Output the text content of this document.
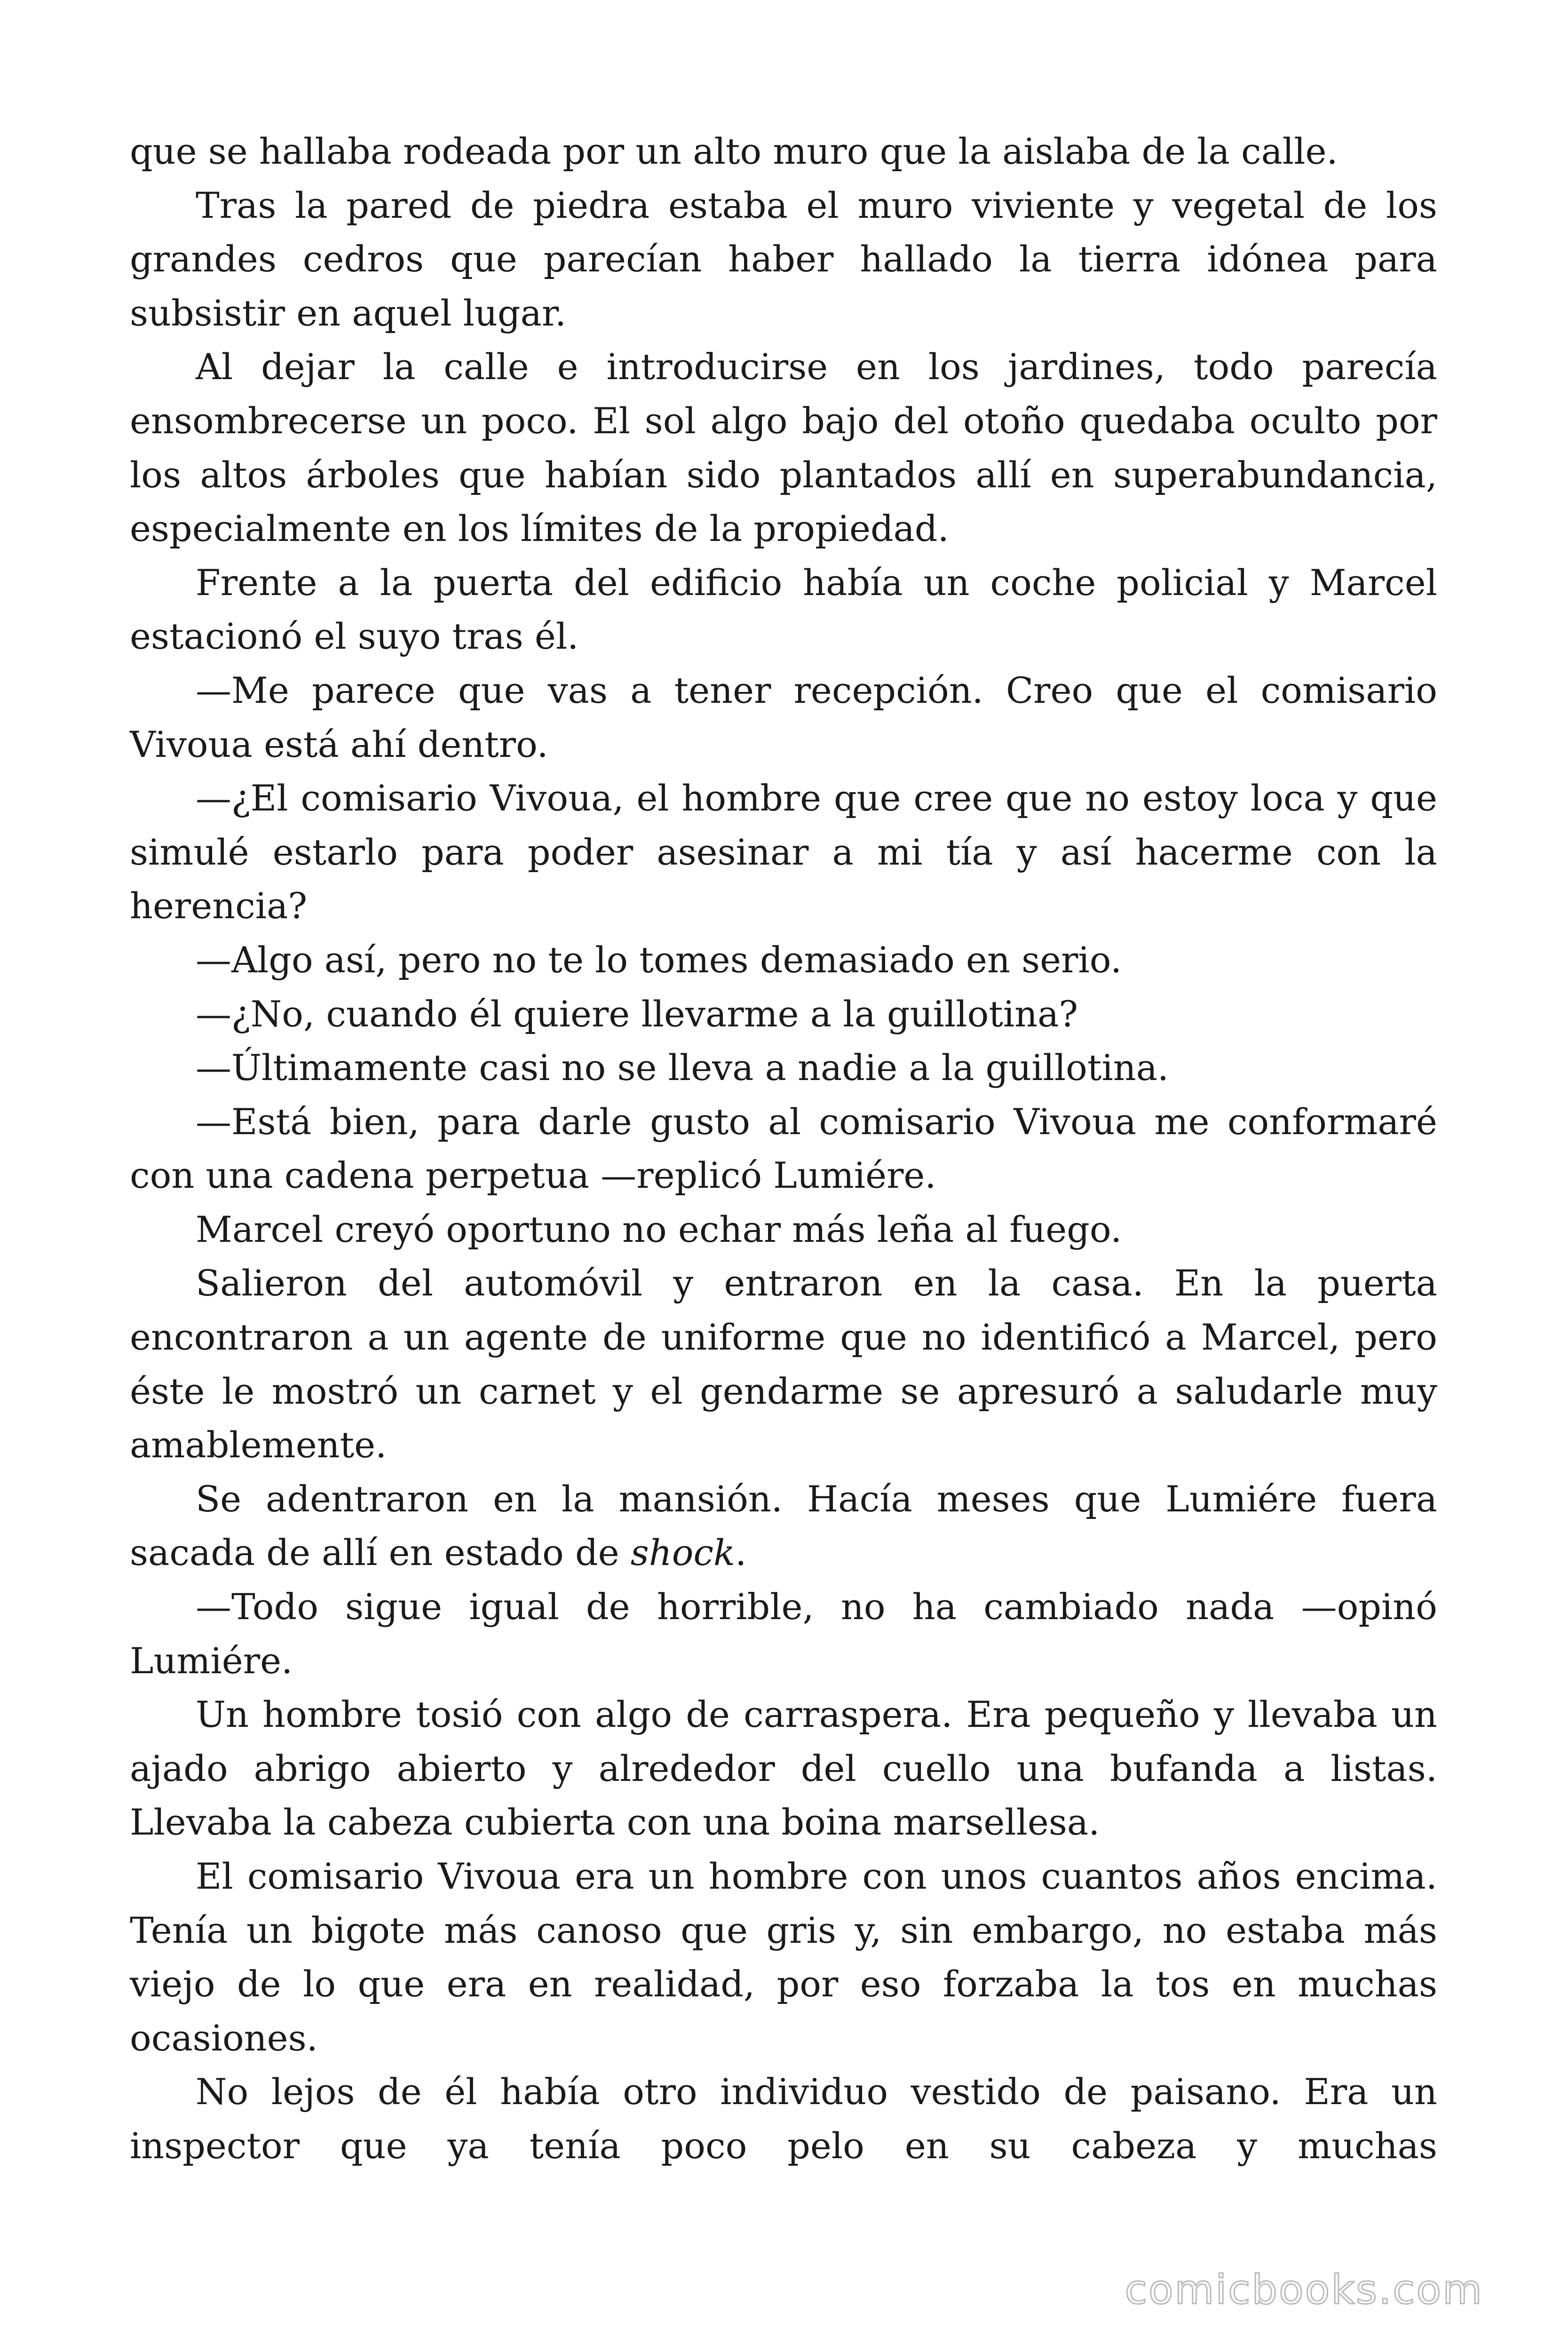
que se hallaba rodeada por un alto muro que la aislaba de la calle.

Tras la pared de piedra estaba el muro viviente y vegetal de los grandes cedros que parecían haber hallado la tierra idónea para subsistir en aquel lugar.

Al dejar la calle e introducirse en los jardines, todo parecía ensombrecerse un poco. El sol algo bajo del otoño quedaba oculto por los altos árboles que habían sido plantados allí en superabundancia, especialmente en los límites de la propiedad.

Frente a la puerta del edificio había un coche policial y Marcel estacionó el suyo tras él.

—Me parece que vas a tener recepción. Creo que el comisario Vivoua está ahí dentro.

—¿El comisario Vivoua, el hombre que cree que no estoy loca y que simulé estarlo para poder asesinar a mi tía y así hacerme con la herencia?

—Algo así, pero no te lo tomes demasiado en serio.

—¿No, cuando él quiere llevarme a la guillotina?

—Últimamente casi no se lleva a nadie a la guillotina.

—Está bien, para darle gusto al comisario Vivoua me conformaré con una cadena perpetua —replicó Lumiére.

Marcel creyó oportuno no echar más leña al fuego.

Salieron del automóvil y entraron en la casa. En la puerta encontraron a un agente de uniforme que no identificó a Marcel, pero éste le mostró un carnet y el gendarme se apresuró a saludarle muy amablemente.

Se adentraron en la mansión. Hacía meses que Lumiére fuera sacada de allí en estado de shock.

—Todo sigue igual de horrible, no ha cambiado nada —opinó Lumiére.

Un hombre tosió con algo de carraspera. Era pequeño y llevaba un ajado abrigo abierto y alrededor del cuello una bufanda a listas. Llevaba la cabeza cubierta con una boina marsellesa.

El comisario Vivoua era un hombre con unos cuantos años encima. Tenía un bigote más canoso que gris y, sin embargo, no estaba más viejo de lo que era en realidad, por eso forzaba la tos en muchas ocasiones.

No lejos de él había otro individuo vestido de paisano. Era un inspector que ya tenía poco pelo en su cabeza y muchas

comicbooks.com
